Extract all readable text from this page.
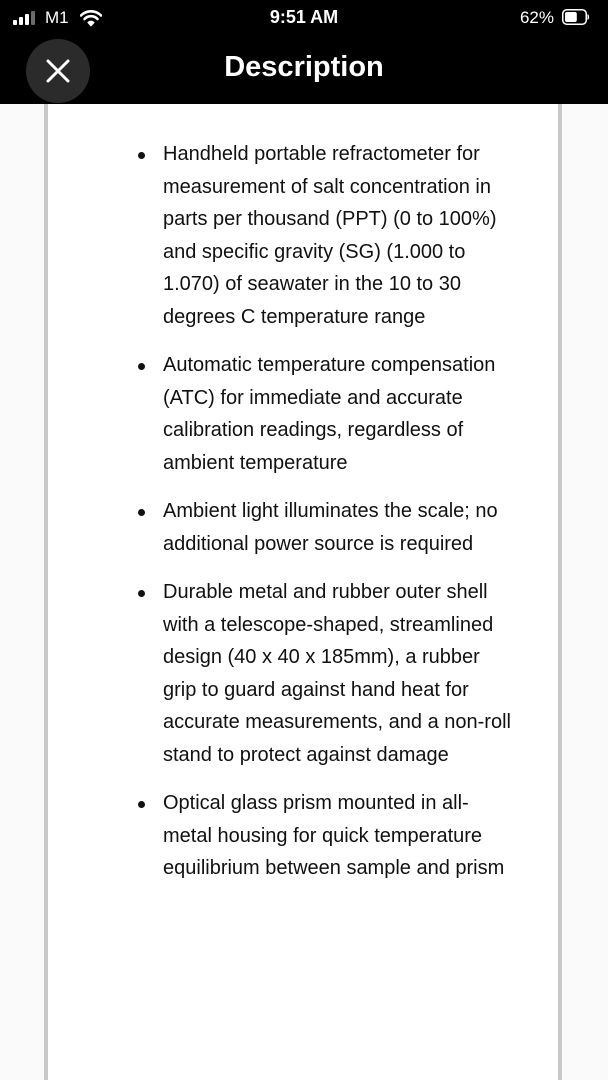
M1	9:51 AM	62%
Description
Handheld portable refractometer for measurement of salt concentration in parts per thousand (PPT) (0 to 100%) and specific gravity (SG) (1.000 to 1.070) of seawater in the 10 to 30 degrees C temperature range
Automatic temperature compensation (ATC) for immediate and accurate calibration readings, regardless of ambient temperature
Ambient light illuminates the scale; no additional power source is required
Durable metal and rubber outer shell with a telescope-shaped, streamlined design (40 x 40 x 185mm), a rubber grip to guard against hand heat for accurate measurements, and a non-roll stand to protect against damage
Optical glass prism mounted in all-metal housing for quick temperature equilibrium between sample and prism
